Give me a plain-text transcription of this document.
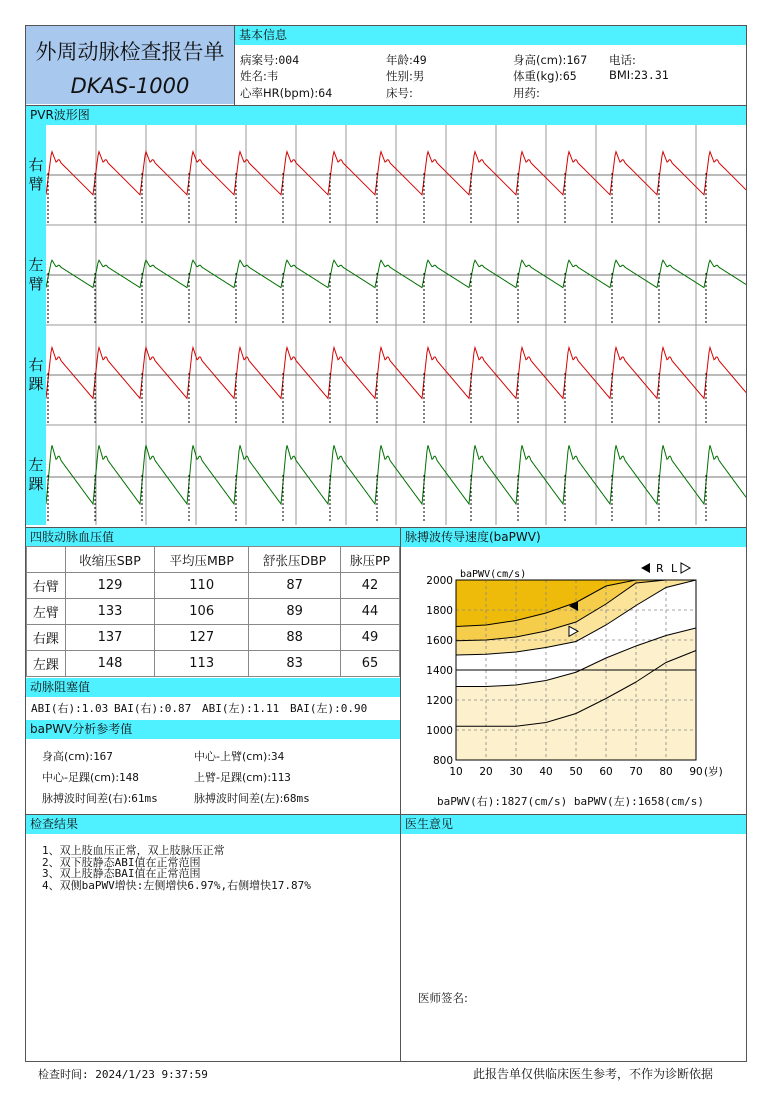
外周动脉检查报告单
DKAS-1000
基本信息
病案号:004	年龄:49	身高(cm):167 电话:
姓名:韦	性别:男	体重(kg):65	BMI:23.31
心率HR(bpm):64	床号:	用药:
PVR波形图
右臂
左臂
右踝
左踝
四肢动脉血压值
	收缩压SBP	平均压MBP	舒张压DBP	脉压PP
右臂	129	110	87	42
左臂	133	106	89	44
右踝	137	127	88	49
左踝	148	113	83	65
动脉阻塞值
ABI(右):1.03 BAI(右):0.87 ABI(左):1.11 BAI(左):0.90
baPWV分析参考值
身高(cm):167	中心-上臂(cm):34
中心-足踝(cm):148	上臂-足踝(cm):113
脉搏波时间差(右):61ms	脉搏波时间差(左):68ms
脉搏波传导速度(baPWV)
800
1000
1200
1400
1600
1800
2000
10 20 30 40 50 60 70 80 90 (岁)
baPWV(cm/s)	R L
baPWV(右):1827(cm/s) baPWV(左):1658(cm/s)
检查结果	医生意见
1、双上肢血压正常，双上肢脉压正常
2、双下肢静态ABI值在正常范围
3、双上肢静态BAI值在正常范围
4、双侧baPWV增快:左侧增快6.97%,右侧增快17.87%
医师签名:
检查时间: 2024/1/23 9:37:59	此报告单仅供临床医生参考，不作为诊断依据
